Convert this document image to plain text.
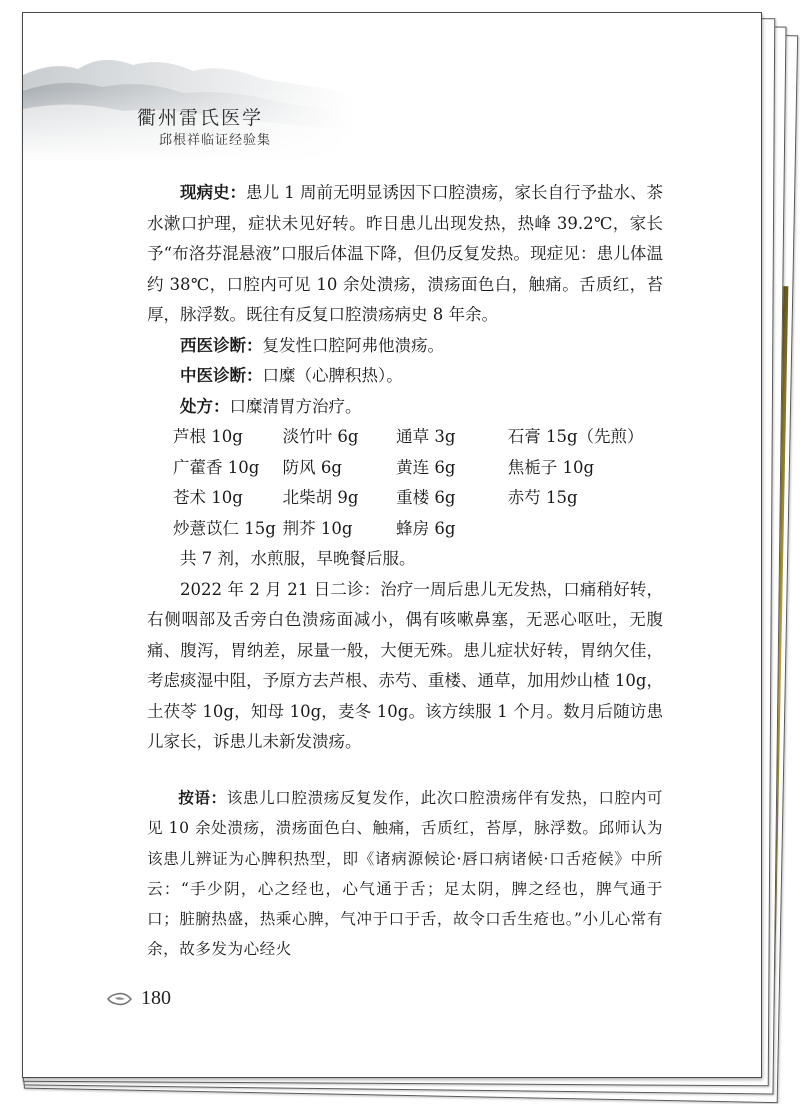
衢州雷氏医学
邱根祥临证经验集

现病史：患儿 1 周前无明显诱因下口腔溃疡，家长自行予盐水、茶水漱口护理，症状未见好转。昨日患儿出现发热，热峰 39.2℃，家长予“布洛芬混悬液”口服后体温下降，但仍反复发热。现症见：患儿体温约 38℃，口腔内可见 10 余处溃疡，溃疡面色白，触痛。舌质红，苔厚，脉浮数。既往有反复口腔溃疡病史 8 年余。

西医诊断：复发性口腔阿弗他溃疡。

中医诊断：口糜（心脾积热）。

处方：口糜清胃方治疗。

芦根 10g	淡竹叶 6g	通草 3g	石膏 15g（先煎）
广藿香 10g	防风 6g	黄连 6g	焦栀子 10g
苍术 10g	北柴胡 9g	重楼 6g	赤芍 15g
炒薏苡仁 15g 荆芥 10g	蜂房 6g

共 7 剂，水煎服，早晚餐后服。

2022 年 2 月 21 日二诊：治疗一周后患儿无发热，口痛稍好转，右侧咽部及舌旁白色溃疡面减小，偶有咳嗽鼻塞，无恶心呕吐，无腹痛、腹泻，胃纳差，尿量一般，大便无殊。患儿症状好转，胃纳欠佳，考虑痰湿中阻，予原方去芦根、赤芍、重楼、通草，加用炒山楂 10g，土茯苓 10g，知母 10g，麦冬 10g。该方续服 1 个月。数月后随访患儿家长，诉患儿未新发溃疡。

按语：该患儿口腔溃疡反复发作，此次口腔溃疡伴有发热，口腔内可见 10 余处溃疡，溃疡面色白、触痛，舌质红，苔厚，脉浮数。邱师认为该患儿辨证为心脾积热型，即《诸病源候论·唇口病诸候·口舌疮候》中所云：“手少阴，心之经也，心气通于舌；足太阴，脾之经也，脾气通于口；脏腑热盛，热乘心脾，气冲于口于舌，故令口舌生疮也。”小儿心常有余，故多发为心经火

180
